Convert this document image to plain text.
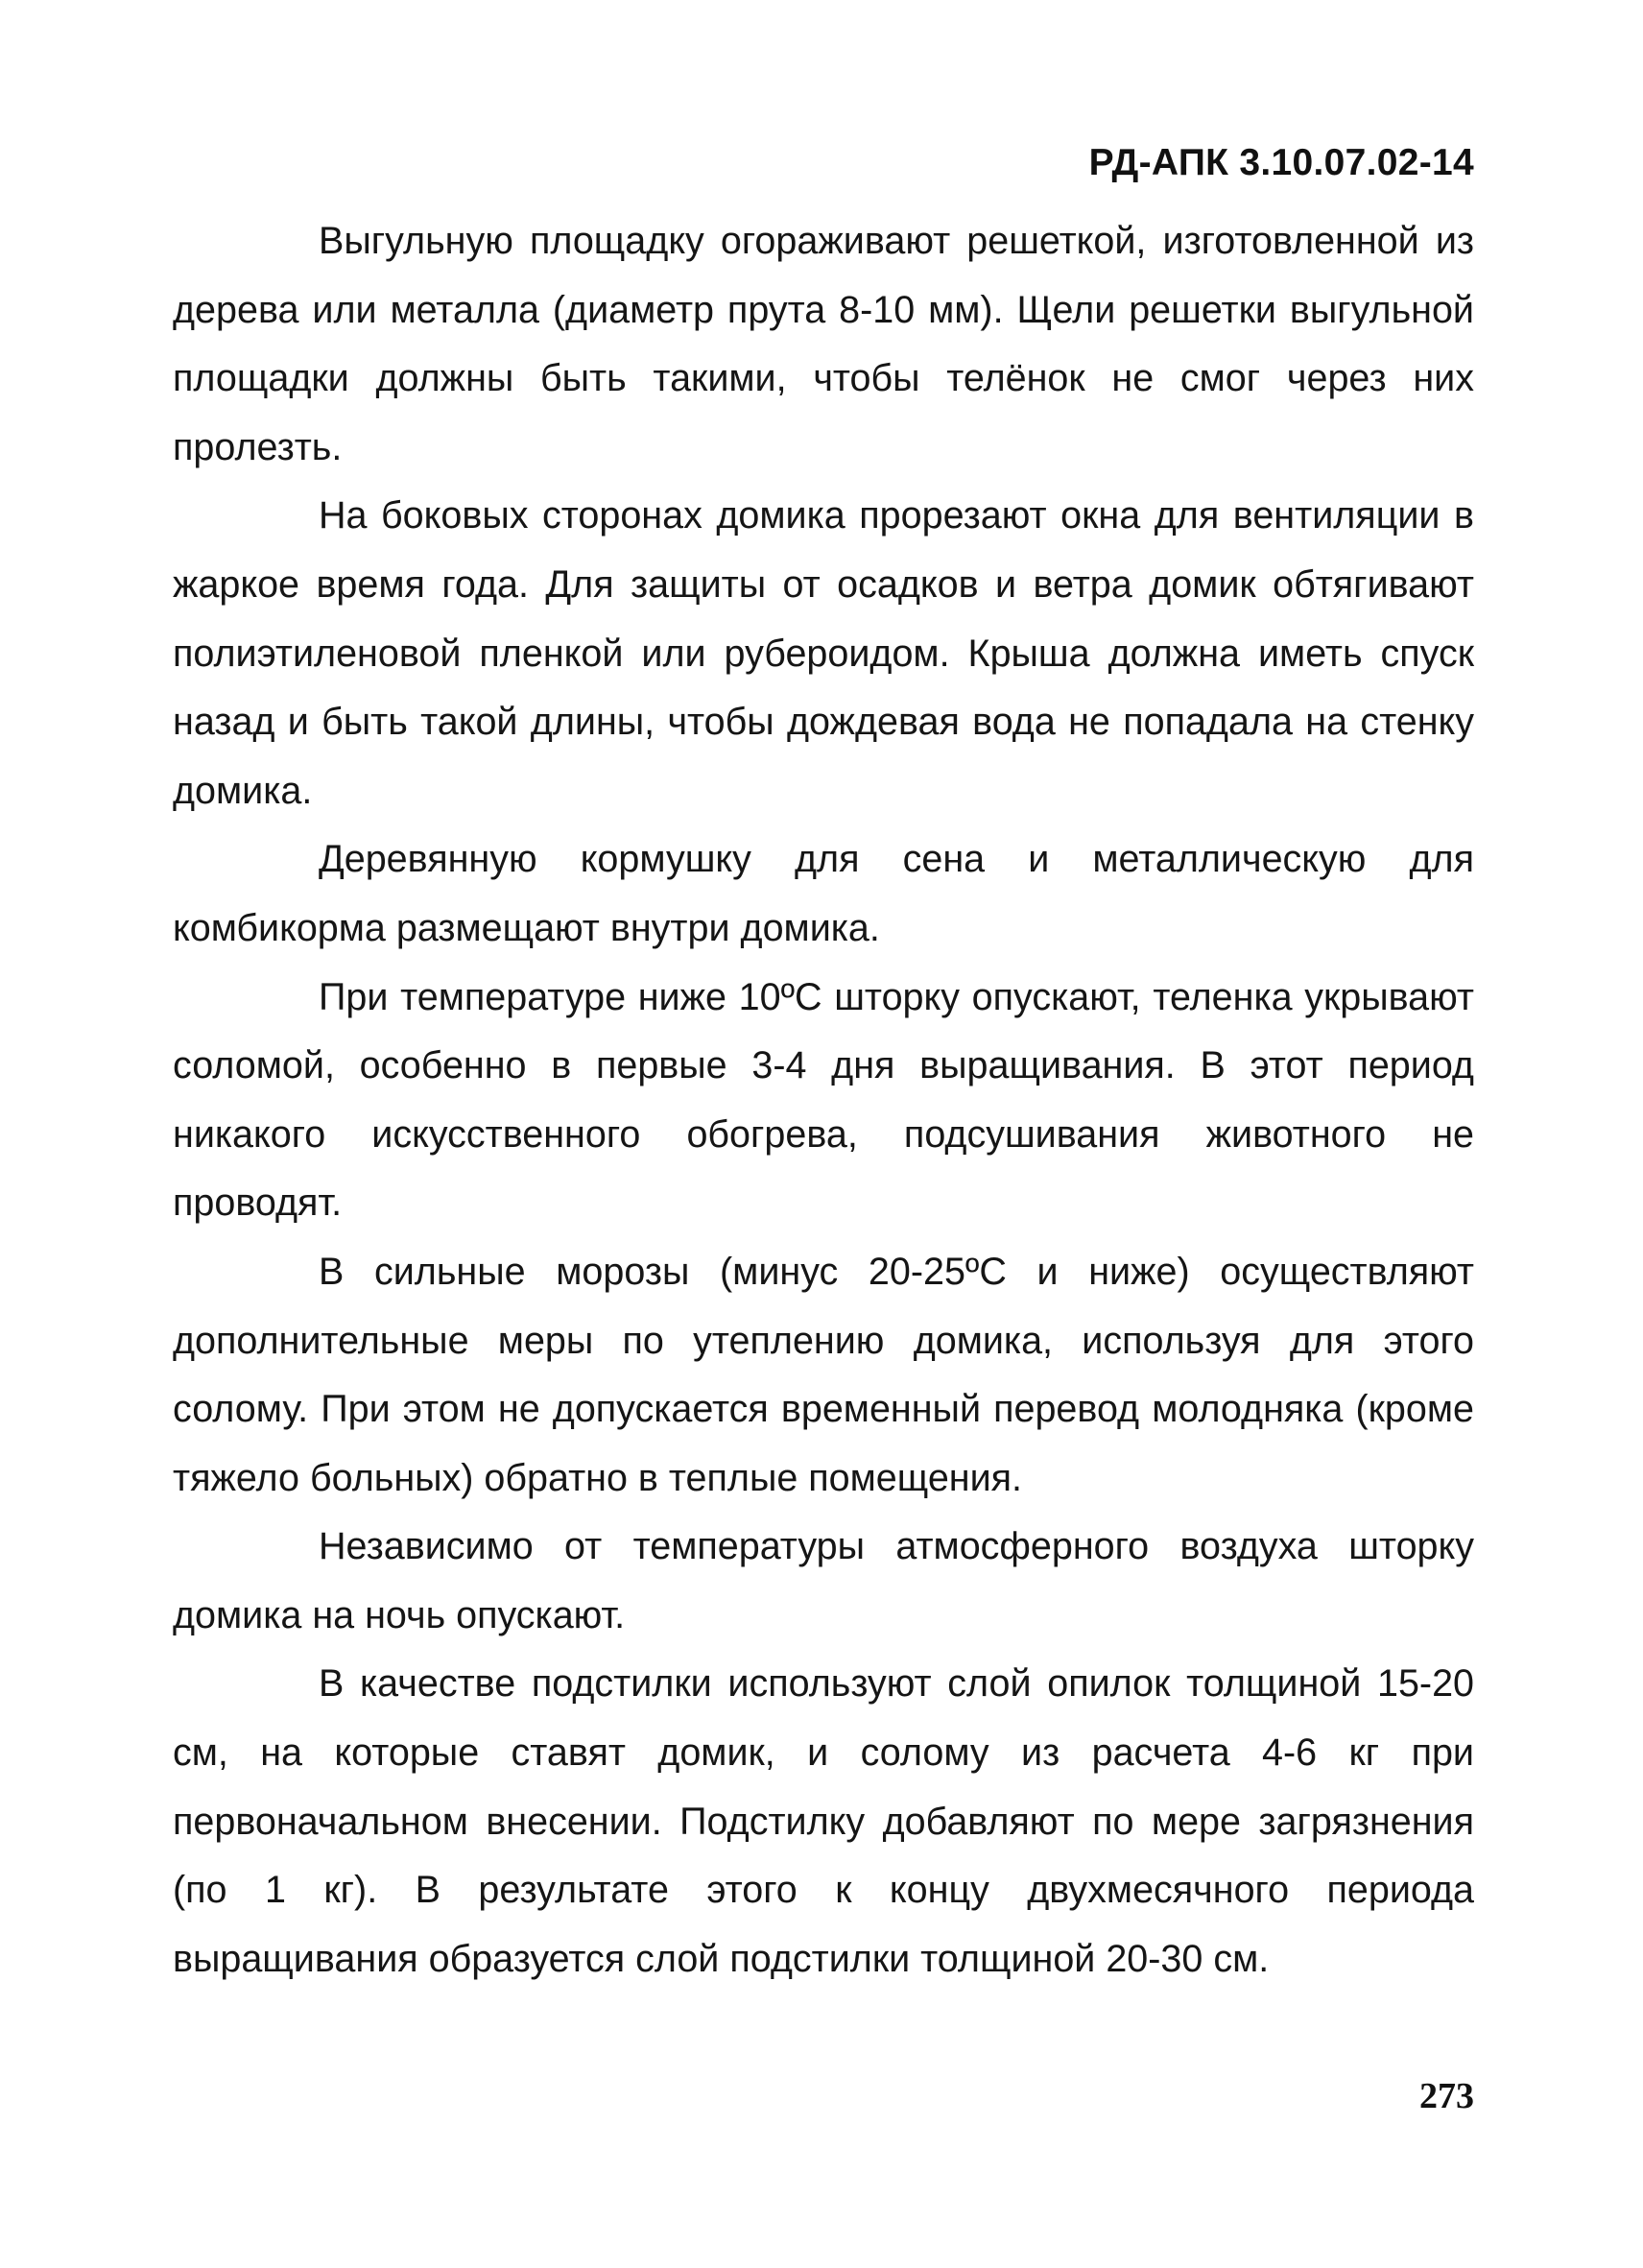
РД-АПК 3.10.07.02-14

Выгульную площадку огораживают решеткой, изготовленной из дерева или металла (диаметр прута 8-10 мм). Щели решетки выгульной площадки должны быть такими, чтобы телёнок не смог через них пролезть.

На боковых сторонах домика прорезают окна для вентиляции в жаркое время года. Для защиты от осадков и ветра домик обтягивают полиэтиленовой пленкой или рубероидом. Крыша должна иметь спуск назад и быть такой длины, чтобы дождевая вода не попадала на стенку домика.

Деревянную кормушку для сена и металлическую для комбикорма размещают внутри домика.

При температуре ниже 10ºС шторку опускают, теленка укрывают соломой, особенно в первые 3-4 дня выращивания. В этот период никакого искусственного обогрева, подсушивания животного не проводят.

В сильные морозы (минус 20-25ºС и ниже) осуществляют дополнительные меры по утеплению домика, используя для этого солому. При этом не допускается временный перевод молодняка (кроме тяжело больных) обратно в теплые помещения.

Независимо от температуры атмосферного воздуха шторку домика на ночь опускают.

В качестве подстилки используют слой опилок толщиной 15-20 см, на которые ставят домик, и солому из расчета 4-6 кг при первоначальном внесении. Подстилку добавляют по мере загрязнения (по 1 кг). В результате этого к концу двухмесячного периода выращивания образуется слой подстилки толщиной 20-30 см.

273
